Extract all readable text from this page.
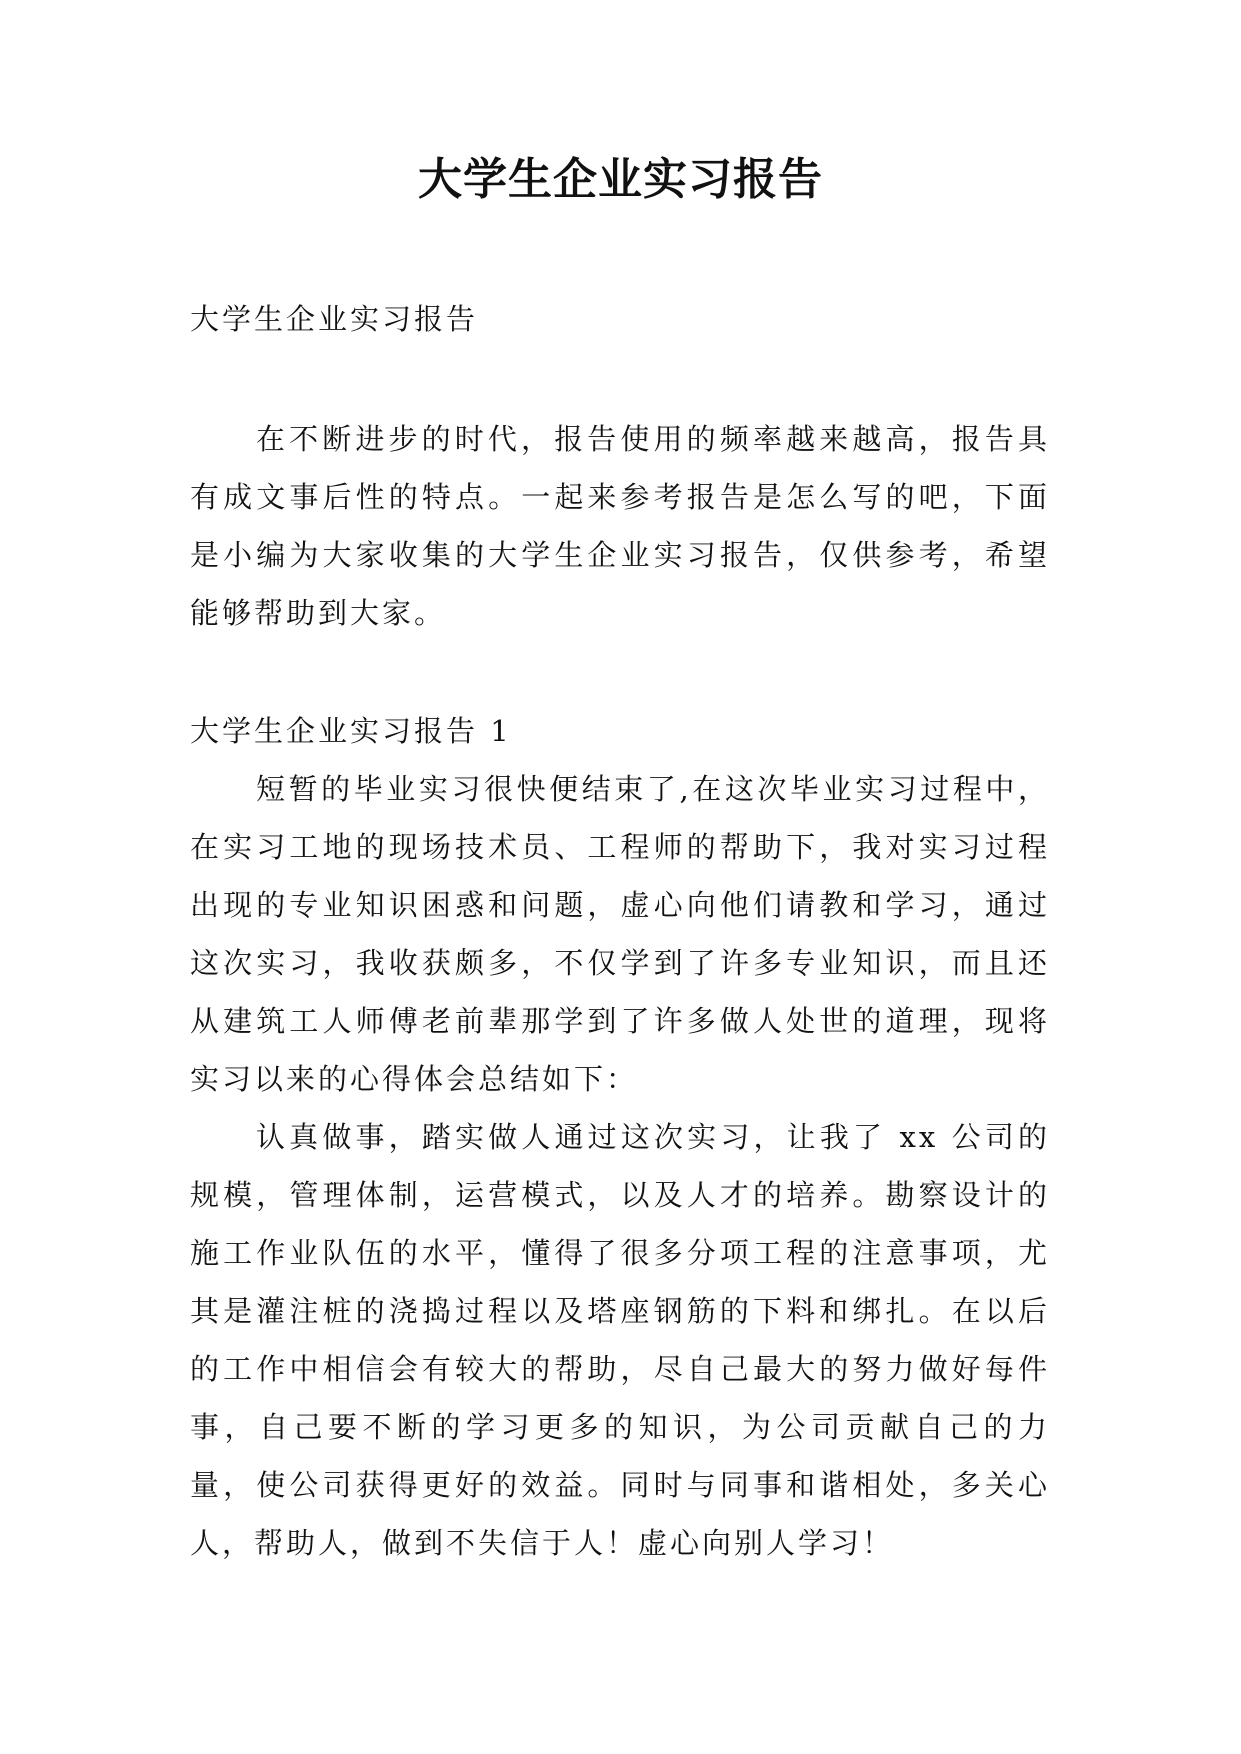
大学生企业实习报告

大学生企业实习报告

在不断进步的时代，报告使用的频率越来越高，报告具有成文事后性的特点。一起来参考报告是怎么写的吧，下面是小编为大家收集的大学生企业实习报告，仅供参考，希望能够帮助到大家。

大学生企业实习报告 1

短暂的毕业实习很快便结束了,在这次毕业实习过程中，在实习工地的现场技术员、工程师的帮助下，我对实习过程出现的专业知识困惑和问题，虚心向他们请教和学习，通过这次实习，我收获颇多，不仅学到了许多专业知识，而且还从建筑工人师傅老前辈那学到了许多做人处世的道理，现将实习以来的心得体会总结如下：

认真做事，踏实做人通过这次实习，让我了 xx 公司的规模，管理体制，运营模式，以及人才的培养。勘察设计的施工作业队伍的水平，懂得了很多分项工程的注意事项，尤其是灌注桩的浇捣过程以及塔座钢筋的下料和绑扎。在以后的工作中相信会有较大的帮助，尽自己最大的努力做好每件事，自己要不断的学习更多的知识，为公司贡献自己的力量，使公司获得更好的效益。同时与同事和谐相处，多关心人，帮助人，做到不失信于人！虚心向别人学习！
